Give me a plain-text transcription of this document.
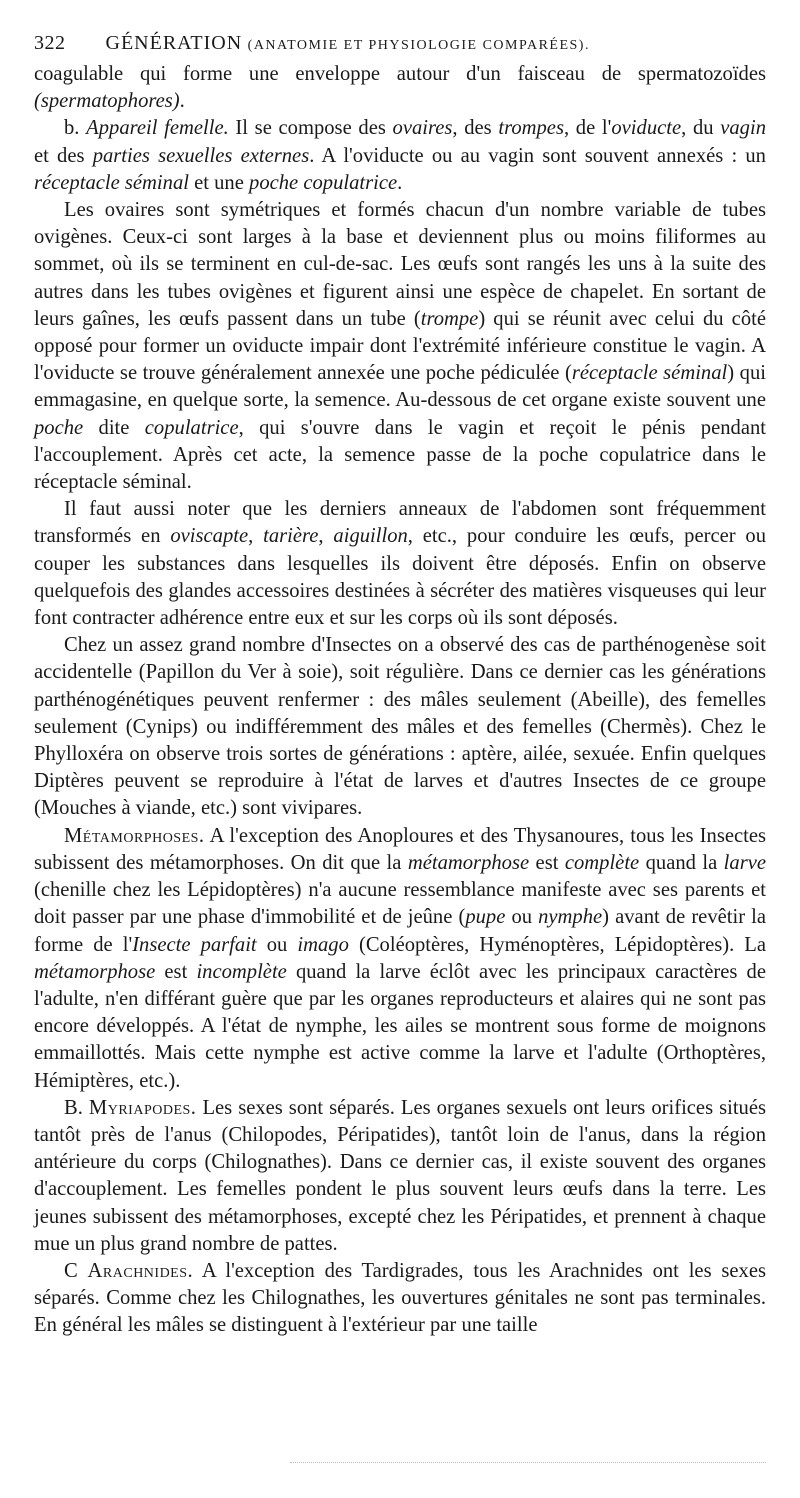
322 GÉNÉRATION (ANATOMIE ET PHYSIOLOGIE COMPARÉES).

coagulable qui forme une enveloppe autour d'un faisceau de spermatozoïdes (spermatophores).

b. Appareil femelle. Il se compose des ovaires, des trompes, de l'oviducte, du vagin et des parties sexuelles externes. A l'oviducte ou au vagin sont souvent annexés : un réceptacle séminal et une poche copulatrice.

Les ovaires sont symétriques et formés chacun d'un nombre variable de tubes ovigènes. Ceux-ci sont larges à la base et deviennent plus ou moins filiformes au sommet, où ils se terminent en cul-de-sac. Les œufs sont rangés les uns à la suite des autres dans les tubes ovigènes et figurent ainsi une espèce de chapelet. En sortant de leurs gaînes, les œufs passent dans un tube (trompe) qui se réunit avec celui du côté opposé pour former un oviducte impair dont l'extrémité inférieure constitue le vagin. A l'oviducte se trouve généralement annexée une poche pédiculée (réceptacle séminal) qui emmagasine, en quelque sorte, la semence. Au-dessous de cet organe existe souvent une poche dite copulatrice, qui s'ouvre dans le vagin et reçoit le pénis pendant l'accouplement. Après cet acte, la semence passe de la poche copulatrice dans le réceptacle séminal.

Il faut aussi noter que les derniers anneaux de l'abdomen sont fréquemment transformés en oviscapte, tarière, aiguillon, etc., pour conduire les œufs, percer ou couper les substances dans lesquelles ils doivent être déposés. Enfin on observe quelquefois des glandes accessoires destinées à sécréter des matières visqueuses qui leur font contracter adhérence entre eux et sur les corps où ils sont déposés.

Chez un assez grand nombre d'Insectes on a observé des cas de parthénogenèse soit accidentelle (Papillon du Ver à soie), soit régulière. Dans ce dernier cas les générations parthénogénétiques peuvent renfermer : des mâles seulement (Abeille), des femelles seulement (Cynips) ou indifféremment des mâles et des femelles (Chermès). Chez le Phylloxéra on observe trois sortes de générations : aptère, ailée, sexuée. Enfin quelques Diptères peuvent se reproduire à l'état de larves et d'autres Insectes de ce groupe (Mouches à viande, etc.) sont vivipares.

Métamorphoses. A l'exception des Anoploures et des Thysanoures, tous les Insectes subissent des métamorphoses. On dit que la métamorphose est complète quand la larve (chenille chez les Lépidoptères) n'a aucune ressemblance manifeste avec ses parents et doit passer par une phase d'immobilité et de jeûne (pupe ou nymphe) avant de revêtir la forme de l'Insecte parfait ou imago (Coléoptères, Hyménoptères, Lépidoptères). La métamorphose est incomplète quand la larve éclôt avec les principaux caractères de l'adulte, n'en différant guère que par les organes reproducteurs et alaires qui ne sont pas encore développés. A l'état de nymphe, les ailes se montrent sous forme de moignons emmaillottés. Mais cette nymphe est active comme la larve et l'adulte (Orthoptères, Hémiptères, etc.).

B. Myriapodes. Les sexes sont séparés. Les organes sexuels ont leurs orifices situés tantôt près de l'anus (Chilopodes, Péripatides), tantôt loin de l'anus, dans la région antérieure du corps (Chilognathes). Dans ce dernier cas, il existe souvent des organes d'accouplement. Les femelles pondent le plus souvent leurs œufs dans la terre. Les jeunes subissent des métamorphoses, excepté chez les Péripatides, et prennent à chaque mue un plus grand nombre de pattes.

C Arachnides. A l'exception des Tardigrades, tous les Arachnides ont les sexes séparés. Comme chez les Chilognathes, les ouvertures génitales ne sont pas terminales. En général les mâles se distinguent à l'extérieur par une taille
